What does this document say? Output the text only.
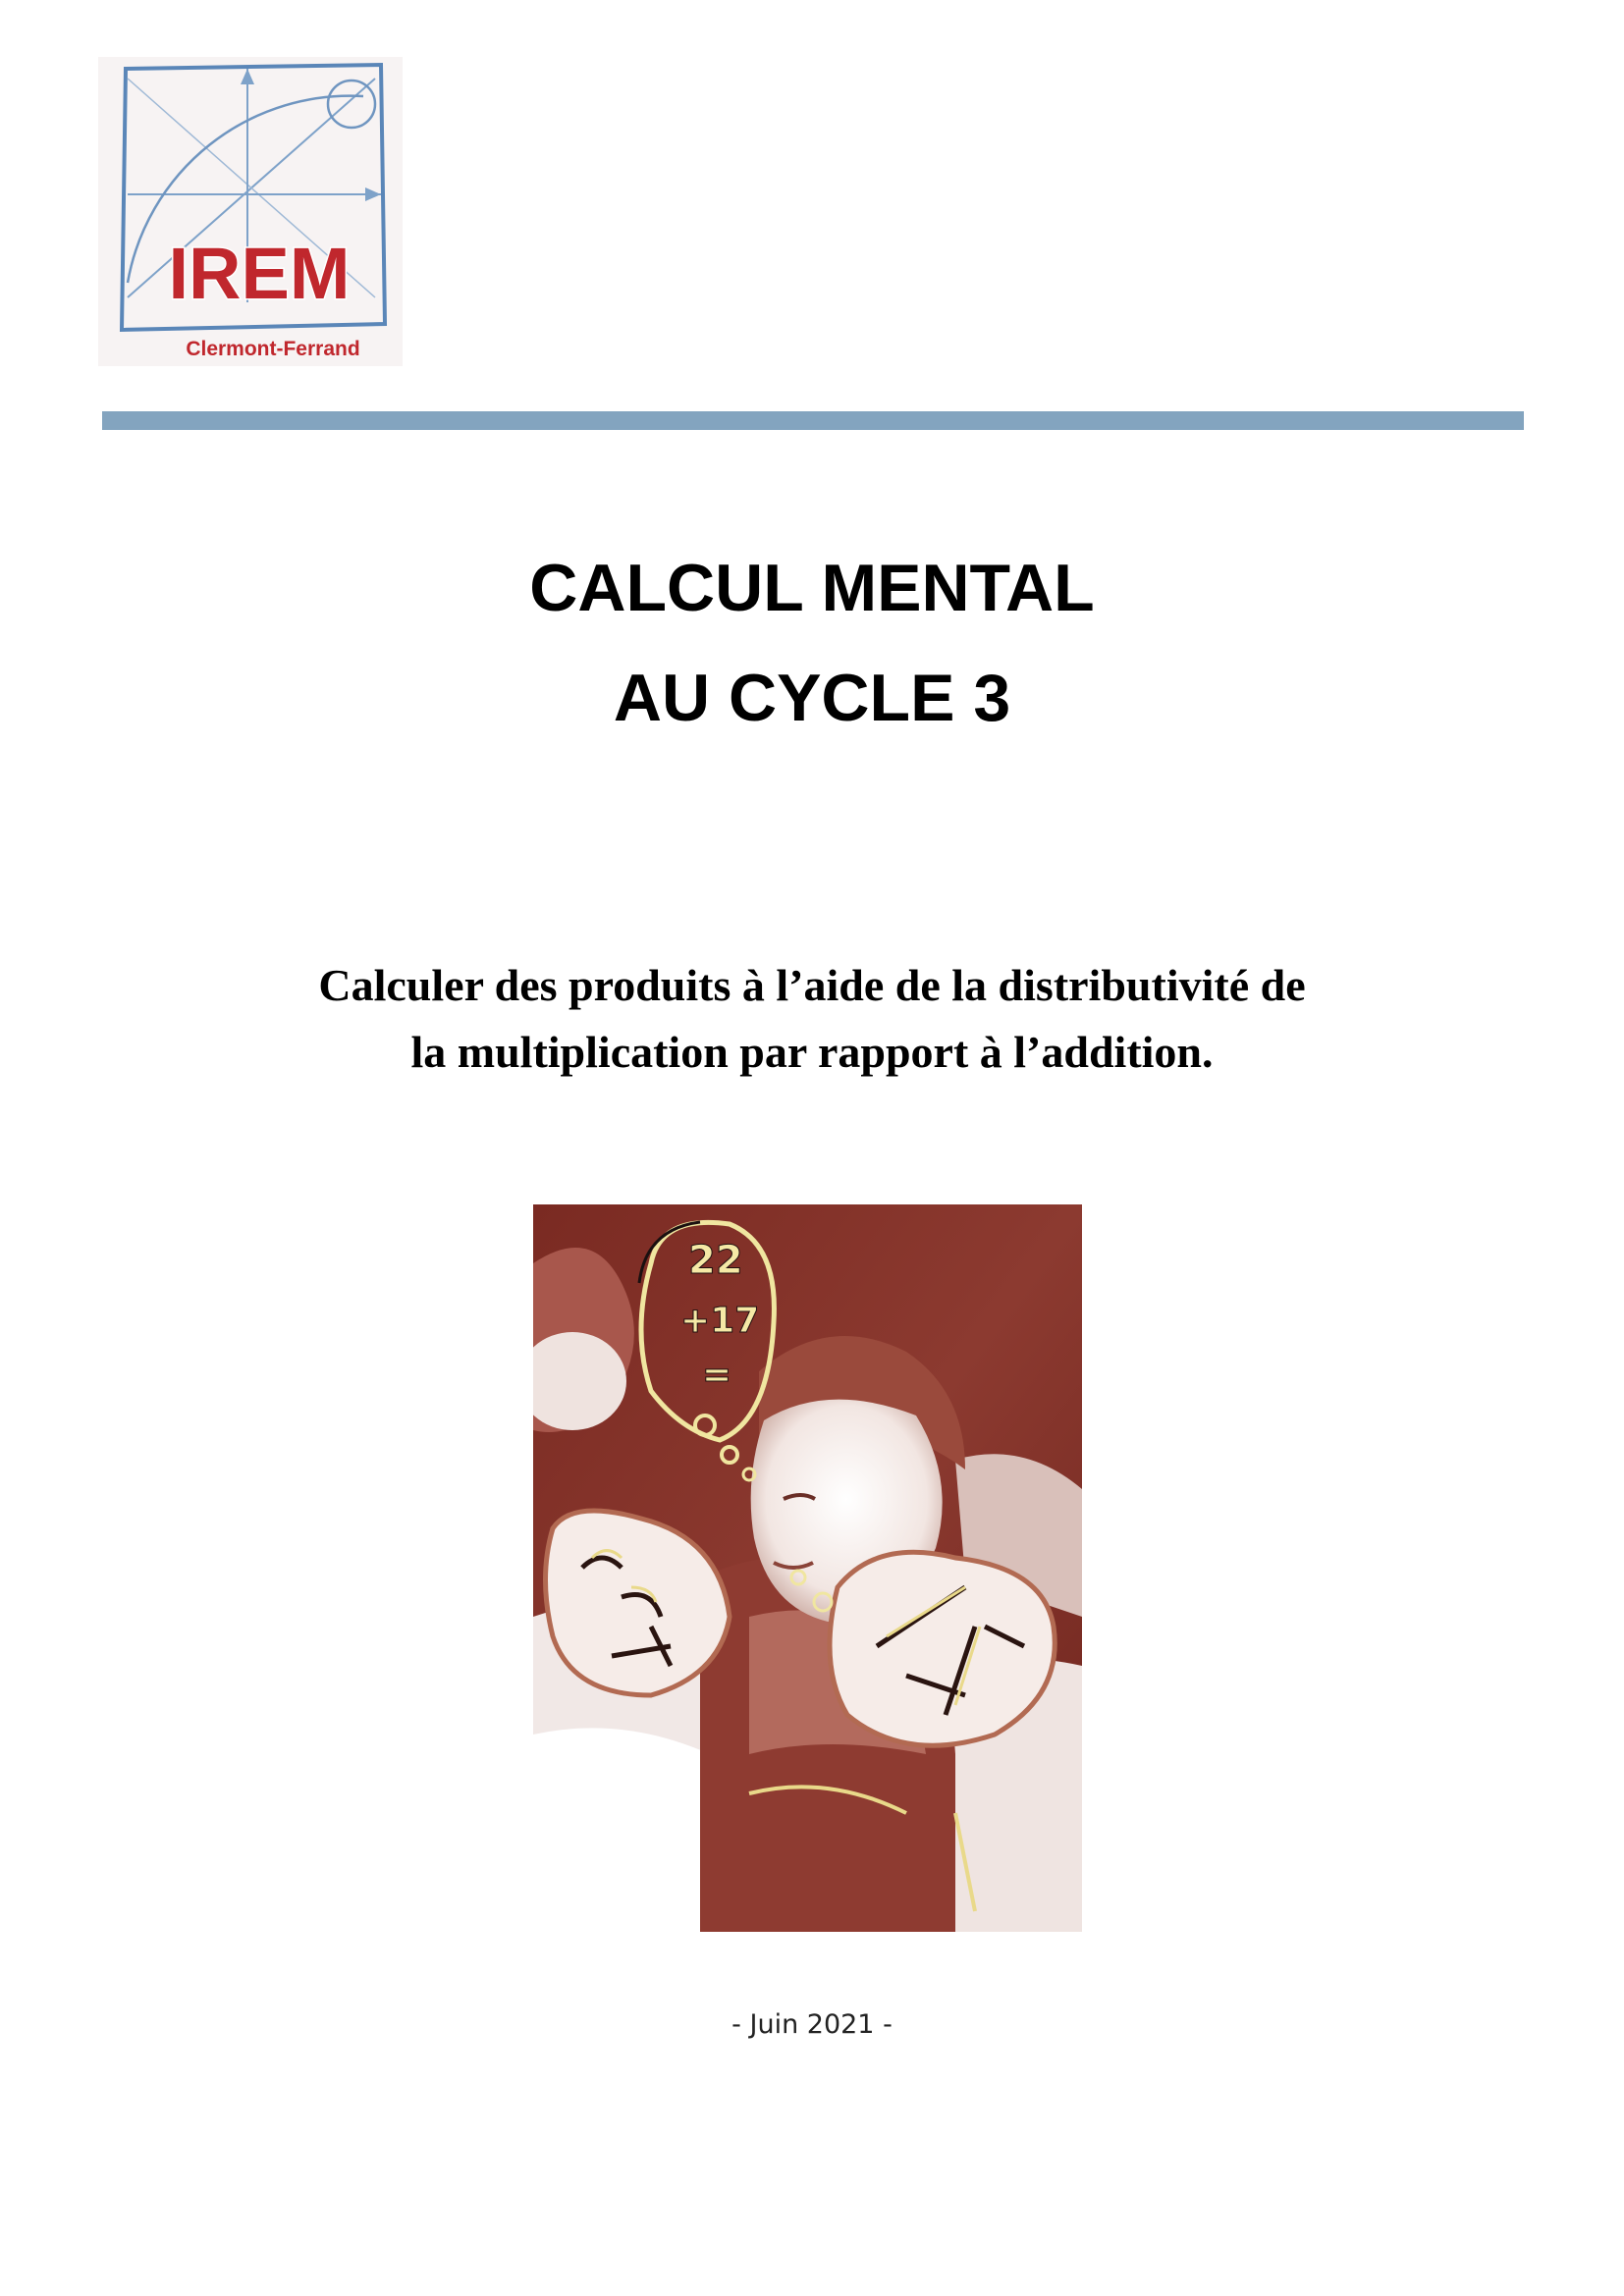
IREM
Clermont-Ferrand
CALCUL MENTAL
AU CYCLE 3
Calculer des produits à l’aide de la distributivité de
la multiplication par rapport à l’addition.
22
+17
=
- Juin 2021 -
